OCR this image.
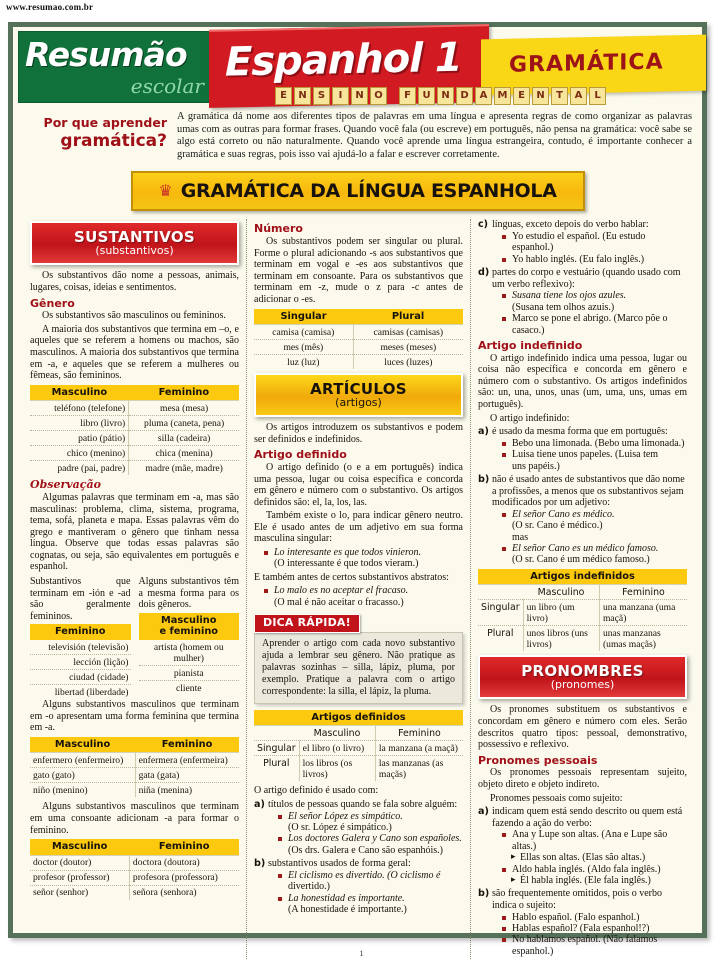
www.resumao.com.br
Resumão
escolar
Espanhol 1 GRAMÁTICA
E	N	S	I	N	O	F	U	N	D	A	M	E	N	T	A	L
Por que aprender
gramática?
A gramática dá nome aos diferentes tipos de palavras em uma língua e apresenta regras de como organizar as palavras umas com as outras para formar frases. Quando você fala (ou escreve) em português, não pensa na gramática: você sabe se algo está correto ou não naturalmente. Quando você aprende uma língua estrangeira, contudo, é importante conhecer a gramática e suas regras, pois isso vai ajudá-lo a falar e escrever corretamente.
♛ GRAMÁTICA DA LÍNGUA ESPANHOLA
SUSTANTIVOS
(substantivos)

Os substantivos dão nome a pessoas, animais, lugares, coisas, ideias e sentimentos.

Gênero

Os substantivos são masculinos ou femininos.

A maioria dos substantivos que termina em –o, e aqueles que se referem a homens ou machos, são masculinos. A maioria dos substantivos que termina em -a, e aqueles que se referem a mulheres ou fêmeas, são femininos.

Masculino	Feminino
teléfono (telefone)	mesa (mesa)
libro (livro)	pluma (caneta, pena)
patio (pátio)	silla (cadeira)
chico (menino)	chica (menina)
padre (pai, padre)	madre (mãe, madre)
Observação

Algumas palavras que terminam em -a, mas são masculinas: problema, clima, sistema, programa, tema, sofá, planeta e mapa. Essas palavras vêm do grego e mantiveram o gênero que tinham nessa língua. Observe que todas essas palavras são cognatas, ou seja, são equivalentes em português e espanhol.

Substantivos que terminam em -ión e -ad são geralmente femininos.

Feminino
televisión (televisão)
lección (lição)
ciudad (cidade)
libertad (liberdade)

Alguns substantivos têm a mesma forma para os dois gêneros.

Masculino
e feminino
artista (homem ou mulher)
pianista
cliente

Alguns substantivos masculinos que terminam em -o apresentam uma forma feminina que termina em -a.

Masculino	Feminino
enfermero (enfermeiro)	enfermera (enfermeira)
gato (gato)	gata (gata)
niño (menino)	niña (menina)

Alguns substantivos masculinos que terminam em uma consoante adicionam -a para formar o feminino.

Masculino	Feminino
doctor (doutor)	doctora (doutora)
profesor (professor)	profesora (professora)
señor (senhor)	señora (senhora)
Número

Os substantivos podem ser singular ou plural. Forme o plural adicionando -s aos substantivos que terminam em vogal e -es aos substantivos que terminam em consoante. Para os substantivos que terminam em -z, mude o z para -c antes de adicionar o -es.

Singular	Plural
camisa (camisa)	camisas (camisas)
mes (mês)	meses (meses)
luz (luz)	luces (luzes)
ARTÍCULOS
(artigos)

Os artigos introduzem os substantivos e podem ser definidos e indefinidos.

Artigo definido

O artigo definido (o e a em português) indica uma pessoa, lugar ou coisa específica e concorda em gênero e número com o substantivo. Os artigos definidos são: el, la, los, las.

Também existe o lo, para indicar gênero neutro. Ele é usado antes de um adjetivo em sua forma masculina singular:

Lo interesante es que todos vinieron.
(O interessante é que todos vieram.)

E também antes de certos substantivos abstratos:

Lo malo es no aceptar el fracaso.
(O mal é não aceitar o fracasso.)
DICA RÁPIDA!
Aprender o artigo com cada novo substantivo ajuda a lembrar seu gênero. Não pratique as palavras sozinhas – silla, lápiz, pluma, por exemplo. Pratique a palavra com o artigo correspondente: la silla, el lápiz, la pluma.
Artigos definidos		
	Masculino	Feminino
Singular	el libro (o livro)	la manzana (a maçã)
Plural	los libros (os livros)	las manzanas (as maçãs)

O artigo definido é usado com:

a) títulos de pessoas quando se fala sobre alguém:
El señor López es simpático.
(O sr. López é simpático.)
Los doctores Galera y Cano son españoles.
(Os drs. Galera e Cano são espanhóis.)
b) substantivos usados de forma geral:
El ciclismo es divertido. (O ciclismo é
divertido.)
La honestidad es importante.
(A honestidade é importante.)
c) línguas, exceto depois do verbo hablar:
Yo estudio el español. (Eu estudo espanhol.)
Yo hablo inglés. (Eu falo inglês.)
d) partes do corpo e vestuário (quando usado com um verbo reflexivo):
Susana tiene los ojos azules.
(Susana tem olhos azuis.)
Marco se pone el abrigo. (Marco põe o casaco.)
Artigo indefinido

O artigo indefinido indica uma pessoa, lugar ou coisa não específica e concorda em gênero e número com o substantivo. Os artigos indefinidos são: un, una, unos, unas (um, uma, uns, umas em português).

O artigo indefinido:

a) é usado da mesma forma que em português:
Bebo una limonada. (Bebo uma limonada.)
Luisa tiene unos papeles. (Luisa tem
uns papéis.)
b) não é usado antes de substantivos que dão nome a profissões, a menos que os substantivos sejam modificados por um adjetivo:
El señor Cano es médico.
(O sr. Cano é médico.)
mas
El señor Cano es un médico famoso.
(O sr. Cano é um médico famoso.)
Artigos indefinidos		
	Masculino	Feminino
Singular	un libro (um livro)	una manzana (uma maçã)
Plural	unos libros (uns livros)	unas manzanas (umas maçãs)
PRONOMBRES
(pronomes)

Os pronomes substituem os substantivos e concordam em gênero e número com eles. Serão descritos quatro tipos: pessoal, demonstrativo, possessivo e reflexivo.

Pronomes pessoais

Os pronomes pessoais representam sujeito, objeto direto e objeto indireto.

Pronomes pessoais como sujeito:

a) indicam quem está sendo descrito ou quem está fazendo a ação do verbo:
Ana y Lupe son altas. (Ana e Lupe são altas.)
▸ Ellas son altas. (Elas são altas.)
Aldo habla inglés. (Aldo fala inglês.)
▸ Él habla inglés. (Ele fala inglês.)
b) são frequentemente omitidos, pois o verbo indica o sujeito:
Hablo español. (Falo espanhol.)
Hablas español? (Fala espanhol!?)
No hablamos español. (Não falamos espanhol.)
1
